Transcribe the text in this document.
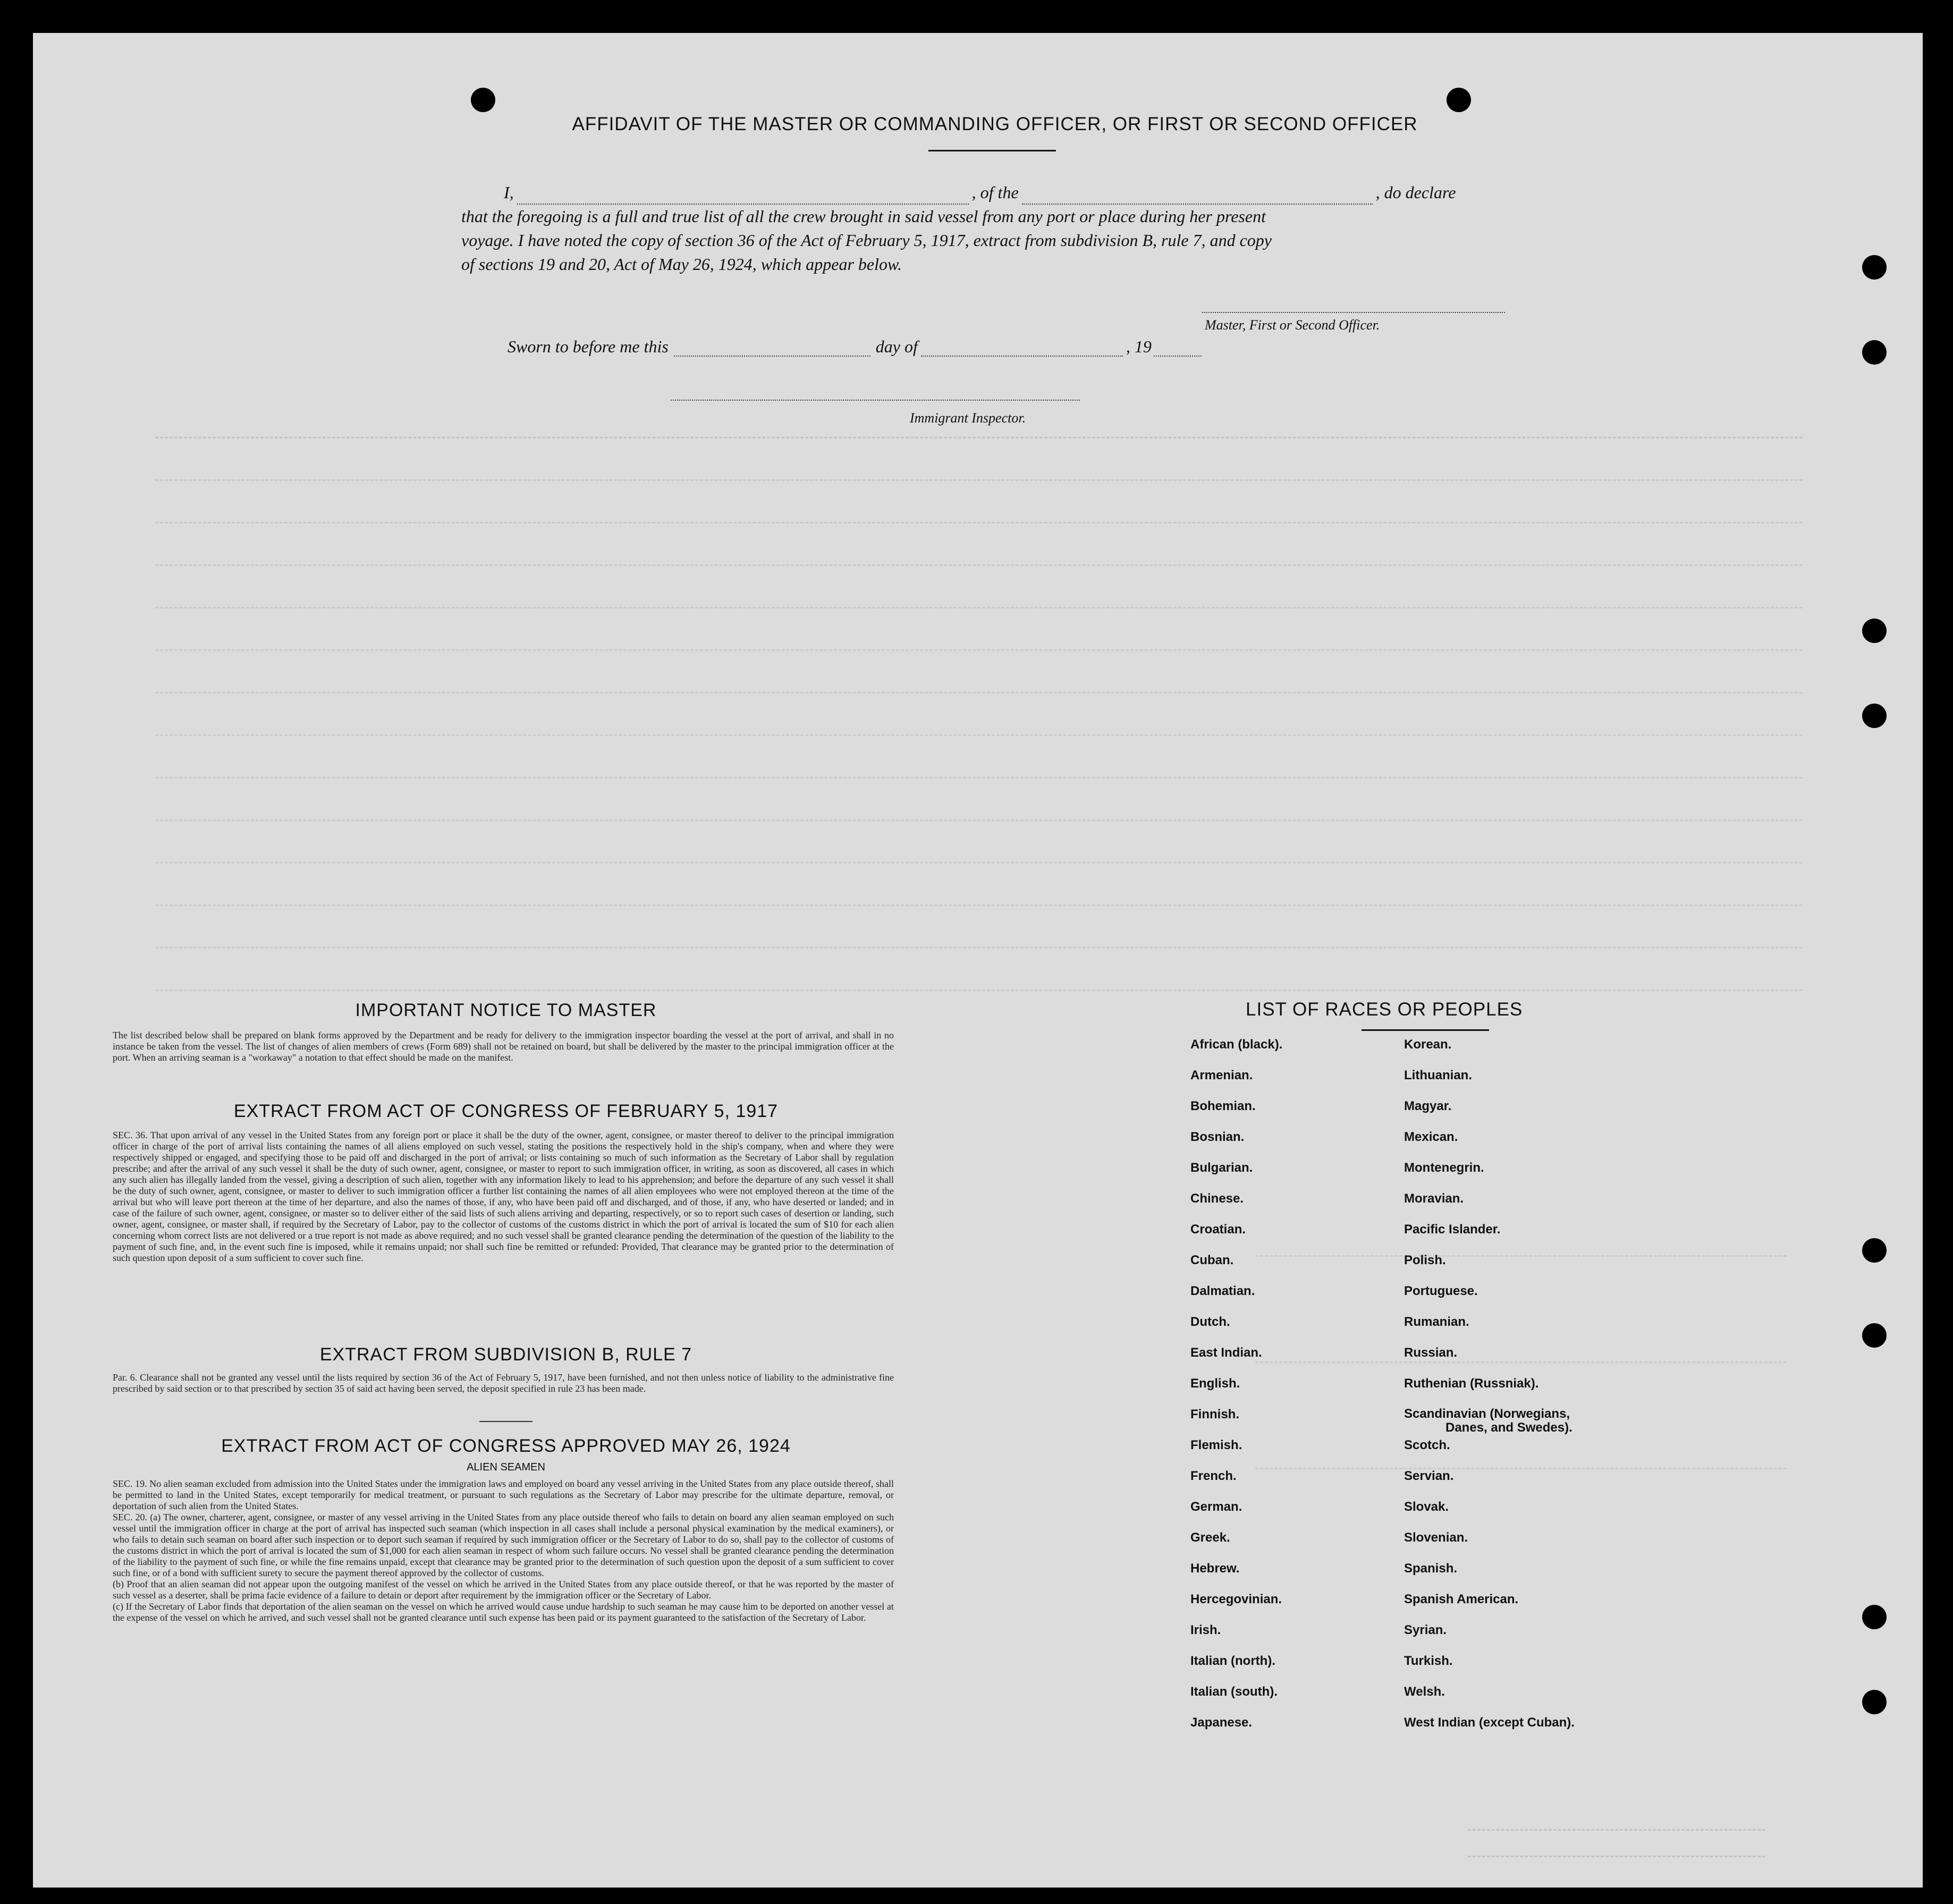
AFFIDAVIT OF THE MASTER OR COMMANDING OFFICER, OR FIRST OR SECOND OFFICER
I,	, of the	, do declare
that the foregoing is a full and true list of all the crew brought in said vessel from any port or place during her present
voyage. I have noted the copy of section 36 of the Act of February 5, 1917, extract from subdivision B, rule 7, and copy
of sections 19 and 20, Act of May 26, 1924, which appear below.
Master, First or Second Officer.
Sworn to before me this	day of	, 19
Immigrant Inspector.
IMPORTANT NOTICE TO MASTER
The list described below shall be prepared on blank forms approved by the Department and be ready for delivery to the immigration inspector boarding the vessel at the port of arrival, and shall in no instance be taken from the vessel. The list of changes of alien members of crews (Form 689) shall not be retained on board, but shall be delivered by the master to the principal immigration officer at the port. When an arriving seaman is a "workaway" a notation to that effect should be made on the manifest.
EXTRACT FROM ACT OF CONGRESS OF FEBRUARY 5, 1917
SEC. 36. That upon arrival of any vessel in the United States from any foreign port or place it shall be the duty of the owner, agent, consignee, or master thereof to deliver to the principal immigration officer in charge of the port of arrival lists containing the names of all aliens employed on such vessel, stating the positions the respectively hold in the ship's company, when and where they were respectively shipped or engaged, and specifying those to be paid off and discharged in the port of arrival; or lists containing so much of such information as the Secretary of Labor shall by regulation prescribe; and after the arrival of any such vessel it shall be the duty of such owner, agent, consignee, or master to report to such immigration officer, in writing, as soon as discovered, all cases in which any such alien has illegally landed from the vessel, giving a description of such alien, together with any information likely to lead to his apprehension; and before the departure of any such vessel it shall be the duty of such owner, agent, consignee, or master to deliver to such immigration officer a further list containing the names of all alien employees who were not employed thereon at the time of the arrival but who will leave port thereon at the time of her departure, and also the names of those, if any, who have been paid off and discharged, and of those, if any, who have deserted or landed; and in case of the failure of such owner, agent, consignee, or master so to deliver either of the said lists of such aliens arriving and departing, respectively, or so to report such cases of desertion or landing, such owner, agent, consignee, or master shall, if required by the Secretary of Labor, pay to the collector of customs of the customs district in which the port of arrival is located the sum of $10 for each alien concerning whom correct lists are not delivered or a true report is not made as above required; and no such vessel shall be granted clearance pending the determination of the question of the liability to the payment of such fine, and, in the event such fine is imposed, while it remains unpaid; nor shall such fine be remitted or refunded: Provided, That clearance may be granted prior to the determination of such question upon deposit of a sum sufficient to cover such fine.
EXTRACT FROM SUBDIVISION B, RULE 7
Par. 6. Clearance shall not be granted any vessel until the lists required by section 36 of the Act of February 5, 1917, have been furnished, and not then unless notice of liability to the administrative fine prescribed by said section or to that prescribed by section 35 of said act having been served, the deposit specified in rule 23 has been made.
EXTRACT FROM ACT OF CONGRESS APPROVED MAY 26, 1924
ALIEN SEAMEN
SEC. 19. No alien seaman excluded from admission into the United States under the immigration laws and employed on board any vessel arriving in the United States from any place outside thereof, shall be permitted to land in the United States, except temporarily for medical treatment, or pursuant to such regulations as the Secretary of Labor may prescribe for the ultimate departure, removal, or deportation of such alien from the United States.
SEC. 20. (a) The owner, charterer, agent, consignee, or master of any vessel arriving in the United States from any place outside thereof who fails to detain on board any alien seaman employed on such vessel until the immigration officer in charge at the port of arrival has inspected such seaman (which inspection in all cases shall include a personal physical examination by the medical examiners), or who fails to detain such seaman on board after such inspection or to deport such seaman if required by such immigration officer or the Secretary of Labor to do so, shall pay to the collector of customs of the customs district in which the port of arrival is located the sum of $1,000 for each alien seaman in respect of whom such failure occurs. No vessel shall be granted clearance pending the determination of the liability to the payment of such fine, or while the fine remains unpaid, except that clearance may be granted prior to the determination of such question upon the deposit of a sum sufficient to cover such fine, or of a bond with sufficient surety to secure the payment thereof approved by the collector of customs.
(b) Proof that an alien seaman did not appear upon the outgoing manifest of the vessel on which he arrived in the United States from any place outside thereof, or that he was reported by the master of such vessel as a deserter, shall be prima facie evidence of a failure to detain or deport after requirement by the immigration officer or the Secretary of Labor.
(c) If the Secretary of Labor finds that deportation of the alien seaman on the vessel on which he arrived would cause undue hardship to such seaman he may cause him to be deported on another vessel at the expense of the vessel on which he arrived, and such vessel shall not be granted clearance until such expense has been paid or its payment guaranteed to the satisfaction of the Secretary of Labor.
LIST OF RACES OR PEOPLES
African (black).
Armenian.
Bohemian.
Bosnian.
Bulgarian.
Chinese.
Croatian.
Cuban.
Dalmatian.
Dutch.
East Indian.
English.
Finnish.
Flemish.
French.
German.
Greek.
Hebrew.
Hercegovinian.
Irish.
Italian (north).
Italian (south).
Japanese.
Korean.
Lithuanian.
Magyar.
Mexican.
Montenegrin.
Moravian.
Pacific Islander.
Polish.
Portuguese.
Rumanian.
Russian.
Ruthenian (Russniak).
Scandinavian (Norwegians,
Danes, and Swedes).
Scotch.
Servian.
Slovak.
Slovenian.
Spanish.
Spanish American.
Syrian.
Turkish.
Welsh.
West Indian (except Cuban).
